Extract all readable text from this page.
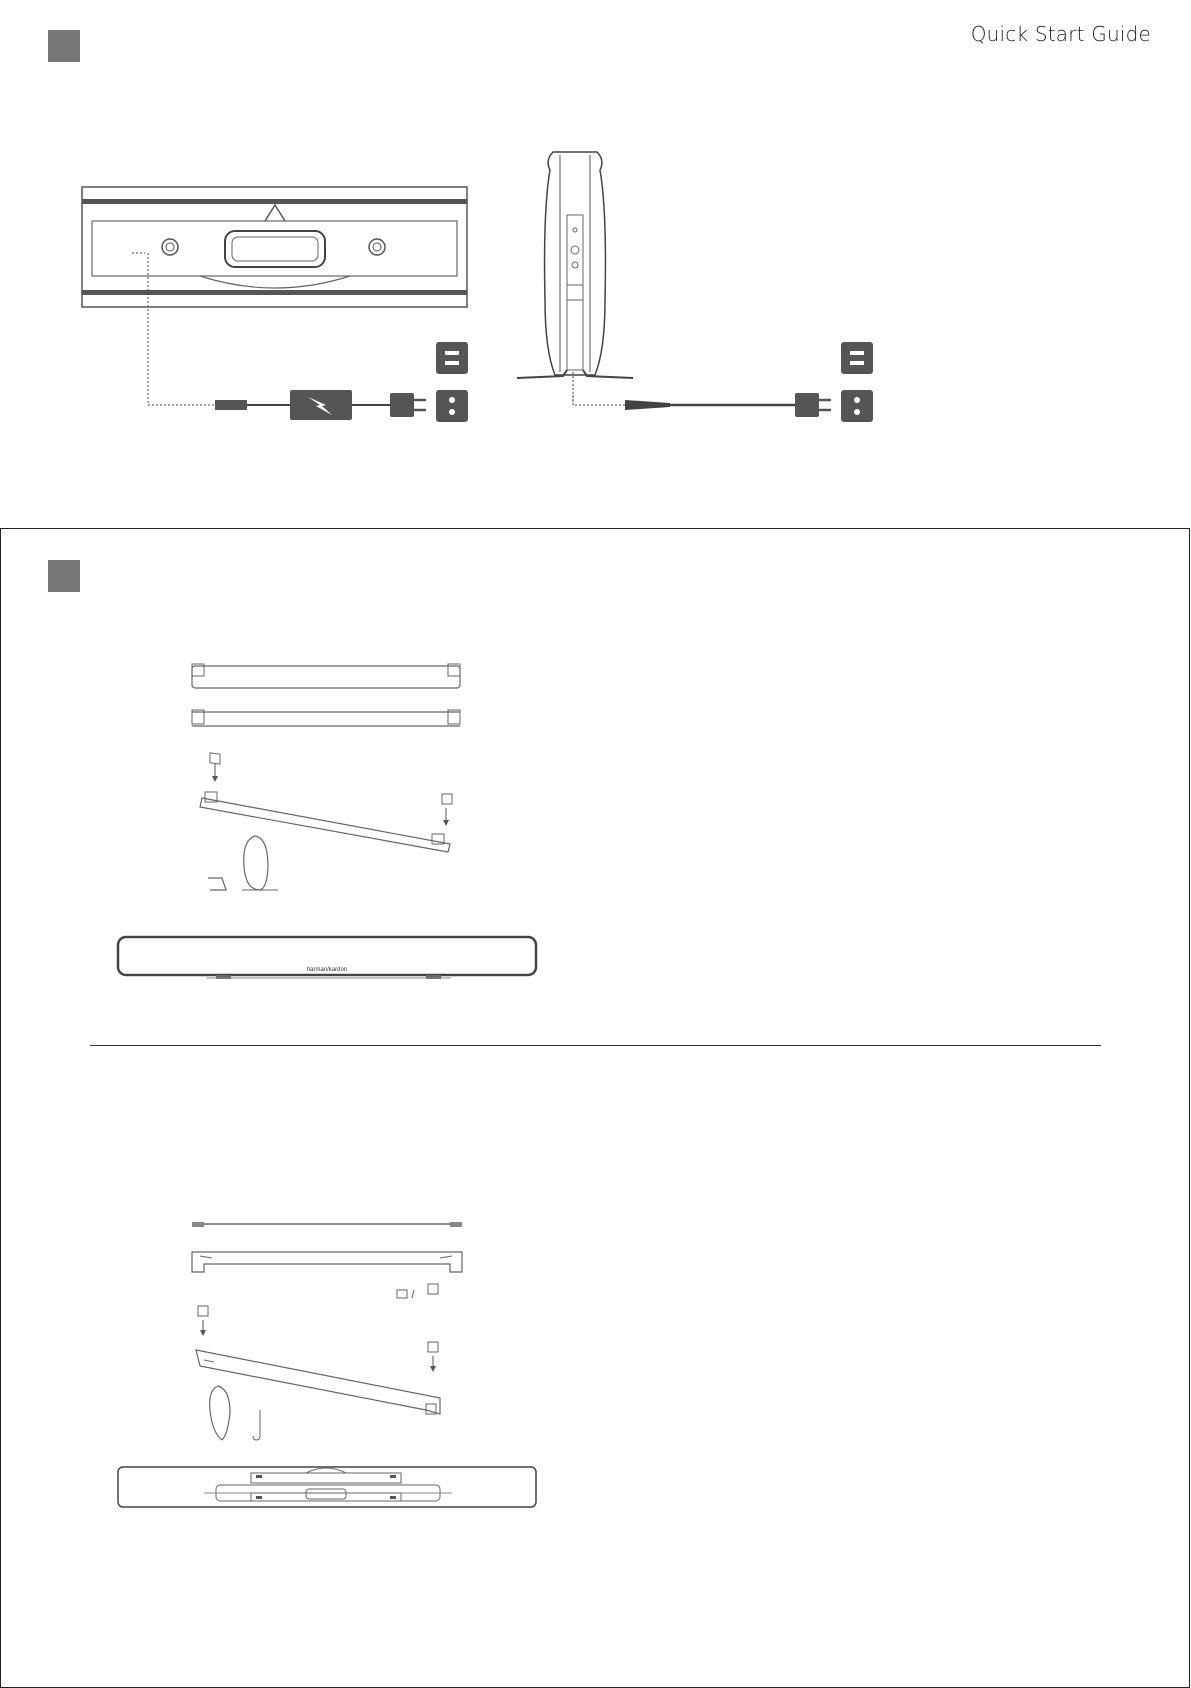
Quick Start Guide
harman/kardon
